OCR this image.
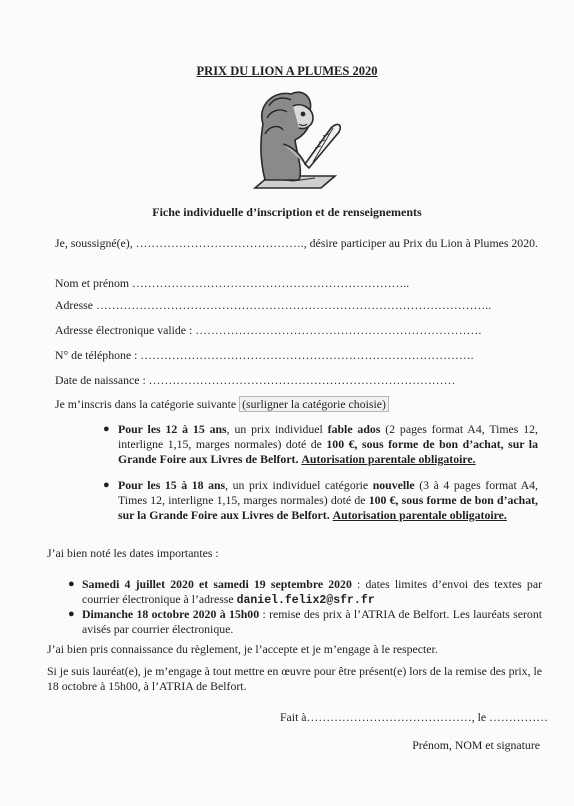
PRIX DU LION A PLUMES 2020
Fiche individuelle d’inscription et de renseignements
Je, soussigné(e), ……………………………………., désire participer au Prix du Lion à Plumes 2020.
Nom et prénom ……………………………………………………………..
Adresse ………………………………………………………………………………………..
Adresse électronique valide : ……………………………………………………………….
N° de téléphone : ………………………………………………………………………….
Date de naissance : ……………………………………………………………………
Je m’inscris dans la catégorie suivante (surligner la catégorie choisie)
● Pour les 12 à 15 ans, un prix individuel fable ados (2 pages format A4, Times 12, interligne 1,15, marges normales) doté de 100 €, sous forme de bon d’achat, sur la Grande Foire aux Livres de Belfort. Autorisation parentale obligatoire.
● Pour les 15 à 18 ans, un prix individuel catégorie nouvelle (3 à 4 pages format A4, Times 12, interligne 1,15, marges normales) doté de 100 €, sous forme de bon d’achat, sur la Grande Foire aux Livres de Belfort. Autorisation parentale obligatoire.
J’ai bien noté les dates importantes :
● Samedi 4 juillet 2020 et samedi 19 septembre 2020 : dates limites d’envoi des textes par courrier électronique à l’adresse daniel.felix2@sfr.fr
● Dimanche 18 octobre 2020 à 15h00 : remise des prix à l’ATRIA de Belfort. Les lauréats seront avisés par courrier électronique.
J’ai bien pris connaissance du règlement, je l’accepte et je m’engage à le respecter.
Si je suis lauréat(e), je m’engage à tout mettre en œuvre pour être présent(e) lors de la remise des prix, le 18 octobre à 15h00, à l’ATRIA de Belfort.
Fait à……………………………………, le ……………
Prénom, NOM et signature
